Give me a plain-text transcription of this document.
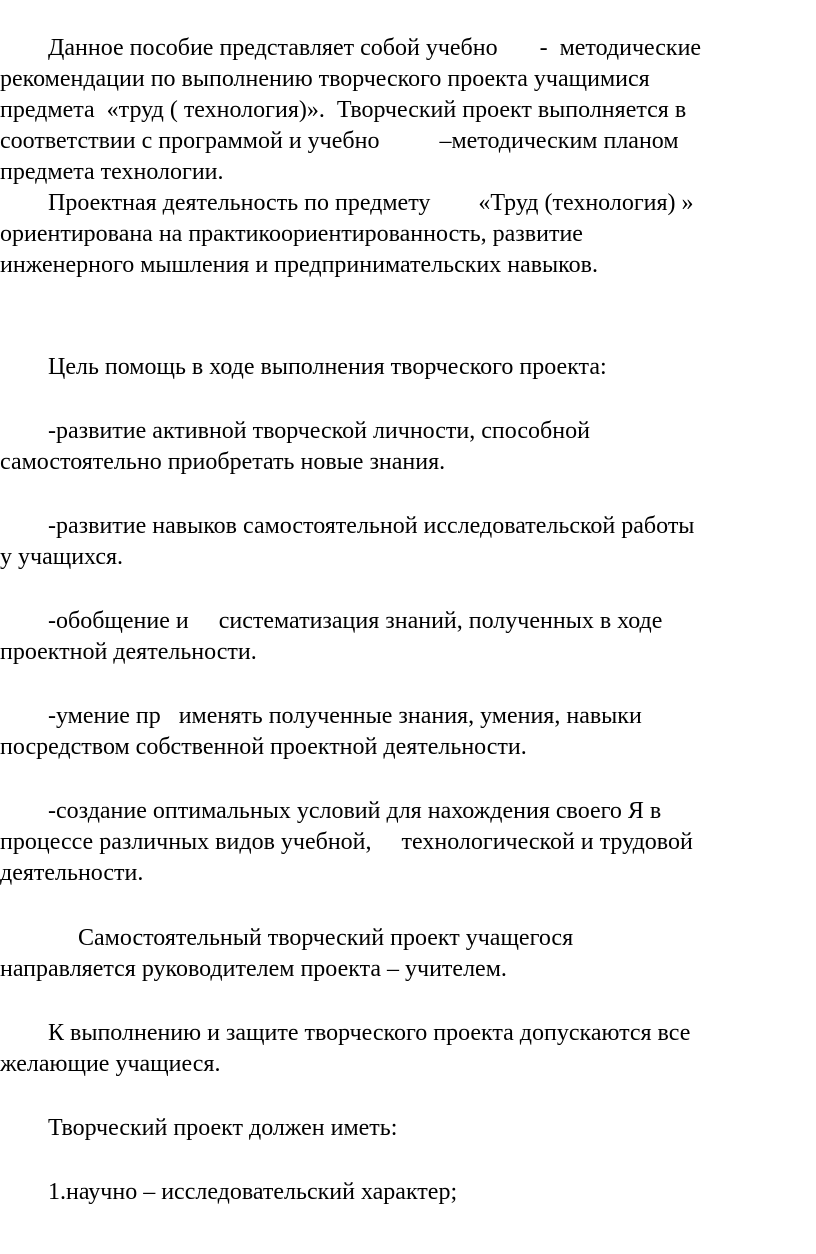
Данное пособие представляет собой учебно       -  методические

рекомендации по выполнению творческого проекта учащимися

предмета  «труд ( технология)».  Творческий проект выполняется в

соответствии с программой и учебно          –методическим планом

предмета технологии.

Проектная деятельность по предмету        «Труд (технология) »

ориентирована на практикоориентированность, развитие

инженерного мышления и предпринимательских навыков.

Цель помощь в ходе выполнения творческого проекта:

-развитие активной творческой личности, способной

самостоятельно приобретать новые знания.

-развитие навыков самостоятельной исследовательской работы

у учащихся.

-обобщение и     систематизация знаний, полученных в ходе

проектной деятельности.

-умение пр   именять полученные знания, умения, навыки

посредством собственной проектной деятельности.

-создание оптимальных условий для нахождения своего Я в

процессе различных видов учебной,     технологической и трудовой

деятельности.

Самостоятельный творческий проект учащегося

направляется руководителем проекта – учителем.

К выполнению и защите творческого проекта допускаются все

желающие учащиеся.

Творческий проект должен иметь:

1.научно – исследовательский характер;
